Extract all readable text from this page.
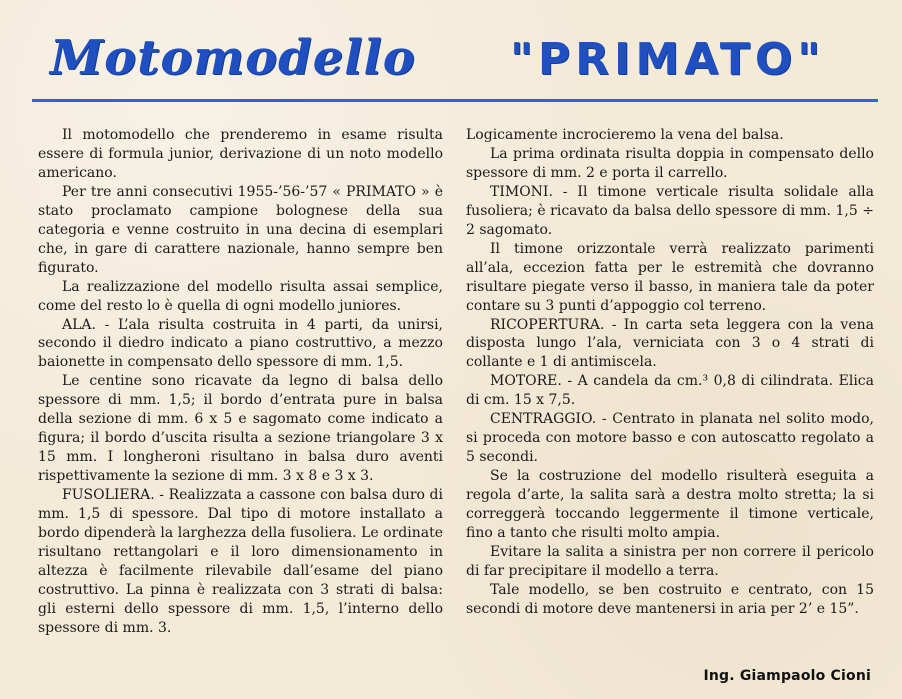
Motomodello "PRIMATO"

Il motomodello che prenderemo in esame risulta essere di formula junior, derivazione di un noto modello americano.

Per tre anni consecutivi 1955-’56-’57 « PRIMATO » è stato proclamato campione bolognese della sua categoria e venne costruito in una decina di esemplari che, in gare di carattere nazionale, hanno sempre ben figurato.

La realizzazione del modello risulta assai semplice, come del resto lo è quella di ogni modello juniores.

ALA. - L’ala risulta costruita in 4 parti, da unirsi, secondo il diedro indicato a piano costruttivo, a mezzo baionette in compensato dello spessore di mm. 1,5.

Le centine sono ricavate da legno di balsa dello spessore di mm. 1,5; il bordo d’entrata pure in balsa della sezione di mm. 6 x 5 e sagomato come indicato a figura; il bordo d’uscita risulta a sezione triangolare 3 x 15 mm. I longheroni risultano in balsa duro aventi rispettivamente la sezione di mm. 3 x 8 e 3 x 3.

FUSOLIERA. - Realizzata a cassone con balsa duro di mm. 1,5 di spessore. Dal tipo di motore installato a bordo dipenderà la larghezza della fusoliera. Le ordinate risultano rettangolari e il loro dimensionamento in altezza è facilmente rilevabile dall’esame del piano costruttivo. La pinna è realizzata con 3 strati di balsa: gli esterni dello spessore di mm. 1,5, l’interno dello spessore di mm. 3.

Logicamente incrocieremo la vena del balsa.

La prima ordinata risulta doppia in compensato dello spessore di mm. 2 e porta il carrello.

TIMONI. - Il timone verticale risulta solidale alla fusoliera; è ricavato da balsa dello spessore di mm. 1,5 ÷ 2 sagomato.

Il timone orizzontale verrà realizzato parimenti all’ala, eccezion fatta per le estremità che dovranno risultare piegate verso il basso, in maniera tale da poter contare su 3 punti d’appoggio col terreno.

RICOPERTURA. - In carta seta leggera con la vena disposta lungo l’ala, verniciata con 3 o 4 strati di collante e 1 di antimiscela.

MOTORE. - A candela da cm.³ 0,8 di cilindrata. Elica di cm. 15 x 7,5.

CENTRAGGIO. - Centrato in planata nel solito modo, si proceda con motore basso e con autoscatto regolato a 5 secondi.

Se la costruzione del modello risulterà eseguita a regola d’arte, la salita sarà a destra molto stretta; la si correggerà toccando leggermente il timone verticale, fino a tanto che risulti molto ampia.

Evitare la salita a sinistra per non correre il pericolo di far precipitare il modello a terra.

Tale modello, se ben costruito e centrato, con 15 secondi di motore deve mantenersi in aria per 2’ e 15”.

Ing. Giampaolo Cioni
